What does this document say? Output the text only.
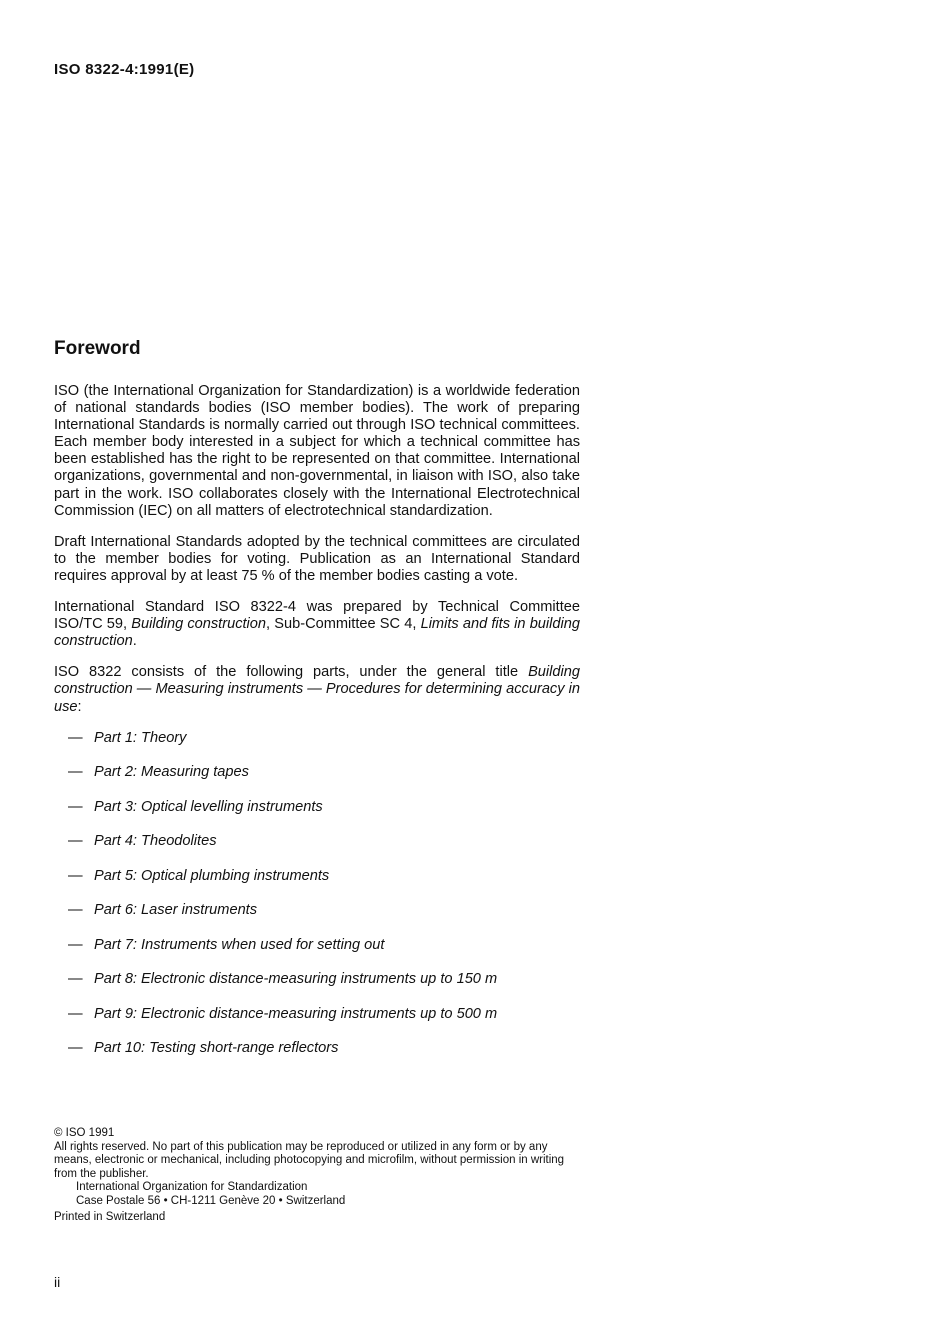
ISO 8322-4:1991(E)
Foreword

ISO (the International Organization for Standardization) is a worldwide federation of national standards bodies (ISO member bodies). The work of preparing International Standards is normally carried out through ISO technical committees. Each member body interested in a subject for which a technical committee has been established has the right to be represented on that committee. International organizations, governmental and non-governmental, in liaison with ISO, also take part in the work. ISO collaborates closely with the International Electrotechnical Commission (IEC) on all matters of electrotechnical standardization.

Draft International Standards adopted by the technical committees are circulated to the member bodies for voting. Publication as an International Standard requires approval by at least 75 % of the member bodies casting a vote.

International Standard ISO 8322-4 was prepared by Technical Committee ISO/TC 59, Building construction, Sub-Committee SC 4, Limits and fits in building construction.

ISO 8322 consists of the following parts, under the general title Building construction — Measuring instruments — Procedures for determining accuracy in use:

— Part 1: Theory
— Part 2: Measuring tapes
— Part 3: Optical levelling instruments
— Part 4: Theodolites
— Part 5: Optical plumbing instruments
— Part 6: Laser instruments
— Part 7: Instruments when used for setting out
— Part 8: Electronic distance-measuring instruments up to 150 m
— Part 9: Electronic distance-measuring instruments up to 500 m
— Part 10: Testing short-range reflectors

© ISO 1991

All rights reserved. No part of this publication may be reproduced or utilized in any form or by any means, electronic or mechanical, including photocopying and microfilm, without permission in writing from the publisher.

International Organization for Standardization

Case Postale 56 • CH-1211 Genève 20 • Switzerland

Printed in Switzerland

ii
